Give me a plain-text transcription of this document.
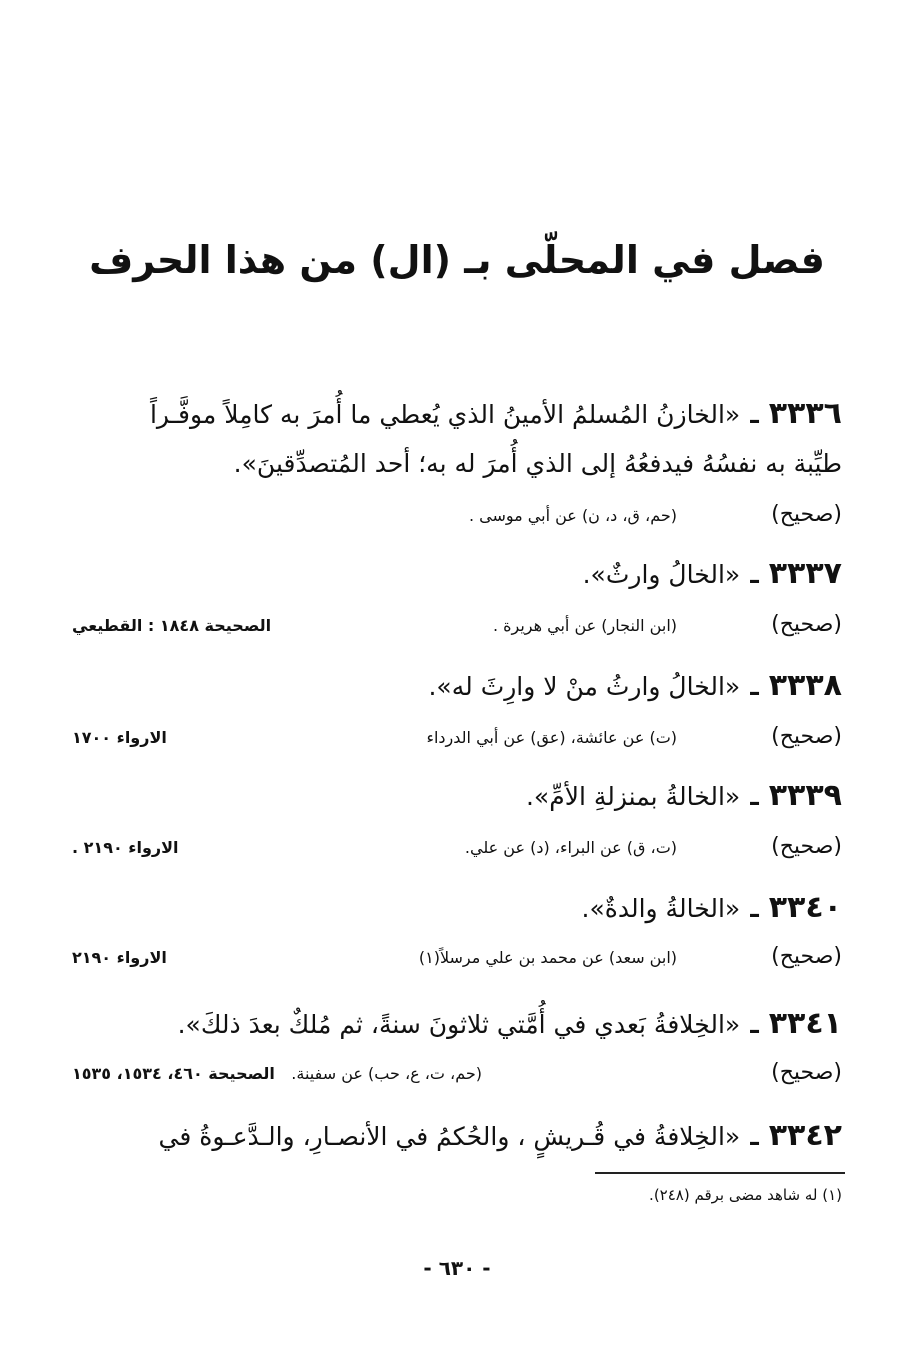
فصل في المحلّى بـ (ال) من هذا الحرف
٣٣٣٦ـ«الخازنُ المُسلمُ الأمينُ الذي يُعطي ما أُمرَ به كامِلاً موفَّـراً
طيِّبة به نفسُهُ فيدفعُهُ إلى الذي أُمرَ له به؛ أحد المُتصدِّقينَ».
(صحيح)
(حم، ق، د، ن) عن أبي موسى .
٣٣٣٧ـ«الخالُ وارثٌ».
(صحيح)
(ابن النجار) عن أبي هريرة .
الصحيحة ١٨٤٨ : القطيعي
٣٣٣٨ـ«الخالُ وارثُ منْ لا وارِثَ له».
(صحيح)
(ت) عن عائشة، (عق) عن أبي الدرداء
الارواء ١٧٠٠
٣٣٣٩ـ«الخالةُ بمنزلةِ الأمِّ».
(صحيح)
(ت، ق) عن البراء، (د) عن علي.
الارواء ٢١٩٠ .
٣٣٤٠ـ«الخالةُ والدةٌ».
(صحيح)
(ابن سعد) عن محمد بن علي مرسلاً(١)
الارواء ٢١٩٠
٣٣٤١ـ«الخِلافةُ بَعدي في أُمَّتي ثلاثونَ سنةً، ثم مُلكٌ بعدَ ذلكَ».
(صحيح)
(حم، ت، ع، حب) عن سفينة.
الصحيحة ٤٦٠، ١٥٣٤، ١٥٣٥
٣٣٤٢ـ«الخِلافةُ في قُـريشٍ ، والحُكمُ في الأنصـارِ، والـدَّعـوةُ في
(١) له شاهد مضى برقم (٢٤٨).
- ٦٣٠ -
